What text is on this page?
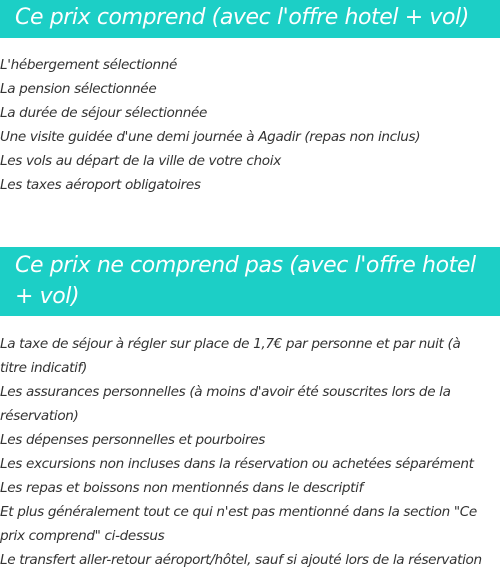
Ce prix comprend (avec l'offre hotel + vol)
L'hébergement sélectionné
La pension sélectionnée
La durée de séjour sélectionnée
Une visite guidée d'une demi journée à Agadir (repas non inclus)
Les vols au départ de la ville de votre choix
Les taxes aéroport obligatoires
Ce prix ne comprend pas (avec l'offre hotel + vol)
La taxe de séjour à régler sur place de 1,7€ par personne et par nuit (à titre indicatif)
Les assurances personnelles (à moins d'avoir été souscrites lors de la réservation)
Les dépenses personnelles et pourboires
Les excursions non incluses dans la réservation ou achetées séparément
Les repas et boissons non mentionnés dans le descriptif
Et plus généralement tout ce qui n'est pas mentionné dans la section "Ce prix comprend" ci-dessus
Le transfert aller-retour aéroport/hôtel, sauf si ajouté lors de la réservation
